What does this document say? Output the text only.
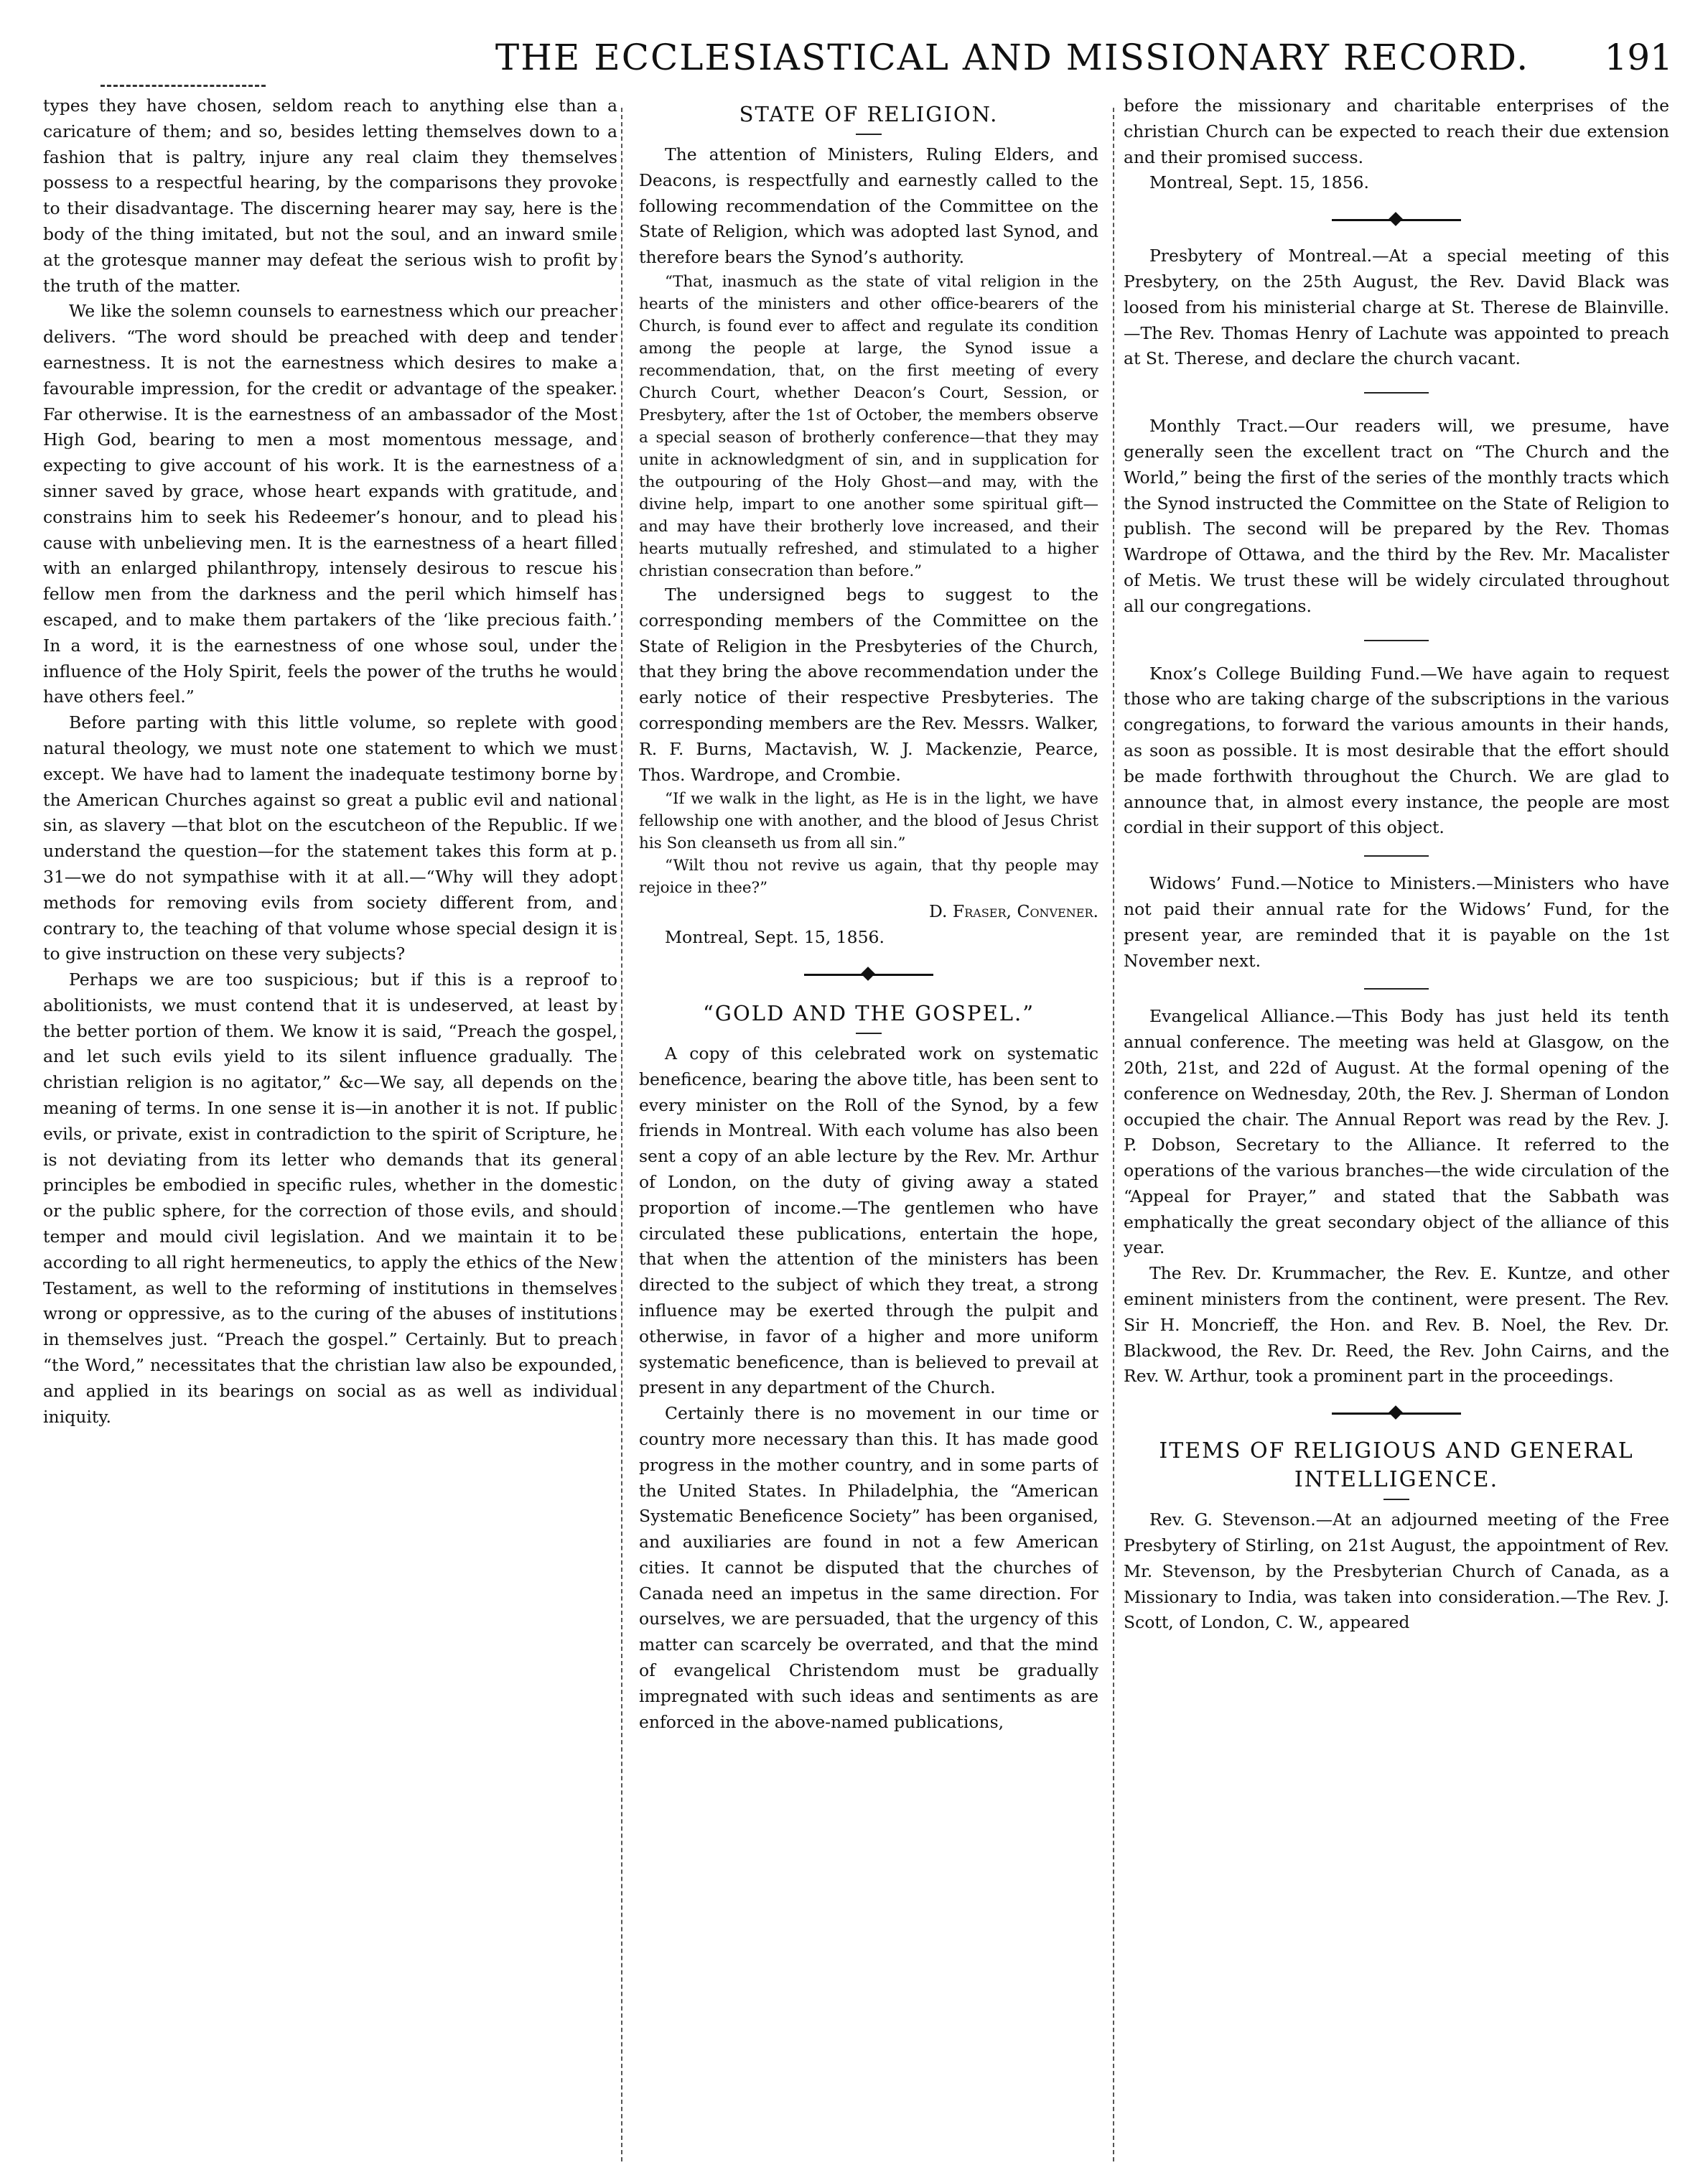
THE ECCLESIASTICAL AND MISSIONARY RECORD.	191

types they have chosen, seldom reach to anything else than a caricature of them; and so, besides letting themselves down to a fashion that is paltry, injure any real claim they themselves possess to a respectful hearing, by the comparisons they provoke to their disadvantage. The discerning hearer may say, here is the body of the thing imitated, but not the soul, and an inward smile at the grotesque manner may defeat the serious wish to profit by the truth of the matter.

We like the solemn counsels to earnestness which our preacher delivers. “The word should be preached with deep and tender earnestness. It is not the earnestness which desires to make a favourable impression, for the credit or advantage of the speaker. Far otherwise. It is the earnestness of an ambassador of the Most High God, bearing to men a most momentous message, and expecting to give account of his work. It is the earnestness of a sinner saved by grace, whose heart expands with gratitude, and constrains him to seek his Redeemer’s honour, and to plead his cause with unbelieving men. It is the earnestness of a heart filled with an enlarged philanthropy, intensely desirous to rescue his fellow men from the darkness and the peril which himself has escaped, and to make them partakers of the ‘like precious faith.’ In a word, it is the earnestness of one whose soul, under the influence of the Holy Spirit, feels the power of the truths he would have others feel.”

Before parting with this little volume, so replete with good natural theology, we must note one statement to which we must except. We have had to lament the inadequate testimony borne by the American Churches against so great a public evil and national sin, as slavery —that blot on the escutcheon of the Republic. If we understand the question—for the statement takes this form at p. 31—we do not sympathise with it at all.—“Why will they adopt methods for removing evils from society different from, and contrary to, the teaching of that volume whose special design it is to give instruction on these very subjects?

Perhaps we are too suspicious; but if this is a reproof to abolitionists, we must contend that it is undeserved, at least by the better portion of them. We know it is said, “Preach the gospel, and let such evils yield to its silent influence gradually. The christian religion is no agitator,” &c—We say, all depends on the meaning of terms. In one sense it is—in another it is not. If public evils, or private, exist in contradiction to the spirit of Scripture, he is not deviating from its letter who demands that its general principles be embodied in specific rules, whether in the domestic or the public sphere, for the correction of those evils, and should temper and mould civil legislation. And we maintain it to be according to all right hermeneutics, to apply the ethics of the New Testament, as well to the reforming of institutions in themselves wrong or oppressive, as to the curing of the abuses of institutions in themselves just. “Preach the gospel.” Certainly. But to preach “the Word,” necessitates that the christian law also be expounded, and applied in its bearings on social as as well as individual iniquity.

STATE OF RELIGION.

The attention of Ministers, Ruling Elders, and Deacons, is respectfully and earnestly called to the following recommendation of the Committee on the State of Religion, which was adopted last Synod, and therefore bears the Synod’s authority.

“That, inasmuch as the state of vital religion in the hearts of the ministers and other office-bearers of the Church, is found ever to affect and regulate its condition among the people at large, the Synod issue a recommendation, that, on the first meeting of every Church Court, whether Deacon’s Court, Session, or Presbytery, after the 1st of October, the members observe a special season of brotherly conference—that they may unite in acknowledgment of sin, and in supplication for the outpouring of the Holy Ghost—and may, with the divine help, impart to one another some spiritual gift—and may have their brotherly love increased, and their hearts mutually refreshed, and stimulated to a higher christian consecration than before.”

The undersigned begs to suggest to the corresponding members of the Committee on the State of Religion in the Presbyteries of the Church, that they bring the above recommendation under the early notice of their respective Presbyteries. The corresponding members are the Rev. Messrs. Walker, R. F. Burns, Mactavish, W. J. Mackenzie, Pearce, Thos. Wardrope, and Crombie.

“If we walk in the light, as He is in the light, we have fellowship one with another, and the blood of Jesus Christ his Son cleanseth us from all sin.”

“Wilt thou not revive us again, that thy people may rejoice in thee?”

D. Fraser, Convener.

Montreal, Sept. 15, 1856.

“GOLD AND THE GOSPEL.”

A copy of this celebrated work on systematic beneficence, bearing the above title, has been sent to every minister on the Roll of the Synod, by a few friends in Montreal. With each volume has also been sent a copy of an able lecture by the Rev. Mr. Arthur of London, on the duty of giving away a stated proportion of income.—The gentlemen who have circulated these publications, entertain the hope, that when the attention of the ministers has been directed to the subject of which they treat, a strong influence may be exerted through the pulpit and otherwise, in favor of a higher and more uniform systematic beneficence, than is believed to prevail at present in any department of the Church.

Certainly there is no movement in our time or country more necessary than this. It has made good progress in the mother country, and in some parts of the United States. In Philadelphia, the “American Systematic Beneficence Society” has been organised, and auxiliaries are found in not a few American cities. It cannot be disputed that the churches of Canada need an impetus in the same direction. For ourselves, we are persuaded, that the urgency of this matter can scarcely be overrated, and that the mind of evangelical Christendom must be gradually impregnated with such ideas and sentiments as are enforced in the above-named publications,

before the missionary and charitable enterprises of the christian Church can be expected to reach their due extension and their promised success.

Montreal, Sept. 15, 1856.

Presbytery of Montreal.—At a special meeting of this Presbytery, on the 25th August, the Rev. David Black was loosed from his ministerial charge at St. Therese de Blainville.—The Rev. Thomas Henry of Lachute was appointed to preach at St. Therese, and declare the church vacant.

Monthly Tract.—Our readers will, we presume, have generally seen the excellent tract on “The Church and the World,” being the first of the series of the monthly tracts which the Synod instructed the Committee on the State of Religion to publish. The second will be prepared by the Rev. Thomas Wardrope of Ottawa, and the third by the Rev. Mr. Macalister of Metis. We trust these will be widely circulated throughout all our congregations.

Knox’s College Building Fund.—We have again to request those who are taking charge of the subscriptions in the various congregations, to forward the various amounts in their hands, as soon as possible. It is most desirable that the effort should be made forthwith throughout the Church. We are glad to announce that, in almost every instance, the people are most cordial in their support of this object.

Widows’ Fund.—Notice to Ministers.—Ministers who have not paid their annual rate for the Widows’ Fund, for the present year, are reminded that it is payable on the 1st November next.

Evangelical Alliance.—This Body has just held its tenth annual conference. The meeting was held at Glasgow, on the 20th, 21st, and 22d of August. At the formal opening of the conference on Wednesday, 20th, the Rev. J. Sherman of London occupied the chair. The Annual Report was read by the Rev. J. P. Dobson, Secretary to the Alliance. It referred to the operations of the various branches—the wide circulation of the “Appeal for Prayer,” and stated that the Sabbath was emphatically the great secondary object of the alliance of this year.

The Rev. Dr. Krummacher, the Rev. E. Kuntze, and other eminent ministers from the continent, were present. The Rev. Sir H. Moncrieff, the Hon. and Rev. B. Noel, the Rev. Dr. Blackwood, the Rev. Dr. Reed, the Rev. John Cairns, and the Rev. W. Arthur, took a prominent part in the proceedings.

ITEMS OF RELIGIOUS AND GENERAL INTELLIGENCE.

Rev. G. Stevenson.—At an adjourned meeting of the Free Presbytery of Stirling, on 21st August, the appointment of Rev. Mr. Stevenson, by the Presbyterian Church of Canada, as a Missionary to India, was taken into consideration.—The Rev. J. Scott, of London, C. W., appeared
